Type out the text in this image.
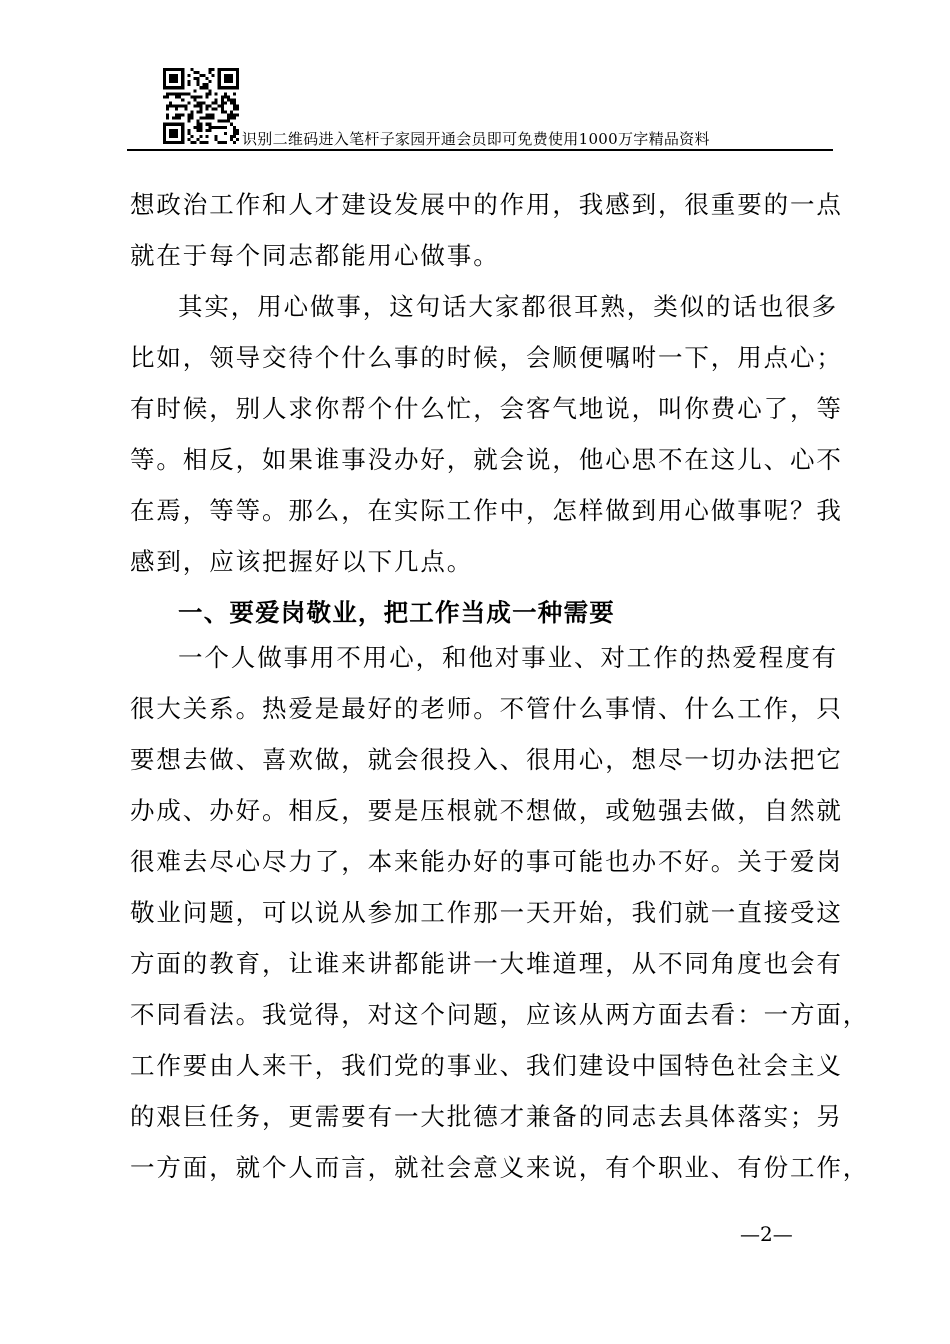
识别二维码进入笔杆子家园开通会员即可免费使用1000万字精品资料
想政治工作和人才建设发展中的作用，我感到，很重要的一点
就在于每个同志都能用心做事。
其实，用心做事，这句话大家都很耳熟，类似的话也很多
比如，领导交待个什么事的时候，会顺便嘱咐一下，用点心；
有时候，别人求你帮个什么忙，会客气地说，叫你费心了，等
等。相反，如果谁事没办好，就会说，他心思不在这儿、心不
在焉，等等。那么，在实际工作中，怎样做到用心做事呢？我
感到，应该把握好以下几点。
一、要爱岗敬业，把工作当成一种需要
一个人做事用不用心，和他对事业、对工作的热爱程度有
很大关系。热爱是最好的老师。不管什么事情、什么工作，只
要想去做、喜欢做，就会很投入、很用心，想尽一切办法把它
办成、办好。相反，要是压根就不想做，或勉强去做，自然就
很难去尽心尽力了，本来能办好的事可能也办不好。关于爱岗
敬业问题，可以说从参加工作那一天开始，我们就一直接受这
方面的教育，让谁来讲都能讲一大堆道理，从不同角度也会有
不同看法。我觉得，对这个问题，应该从两方面去看：一方面，
工作要由人来干，我们党的事业、我们建设中国特色社会主义
的艰巨任务，更需要有一大批德才兼备的同志去具体落实；另
一方面，就个人而言，就社会意义来说，有个职业、有份工作，
—2—
